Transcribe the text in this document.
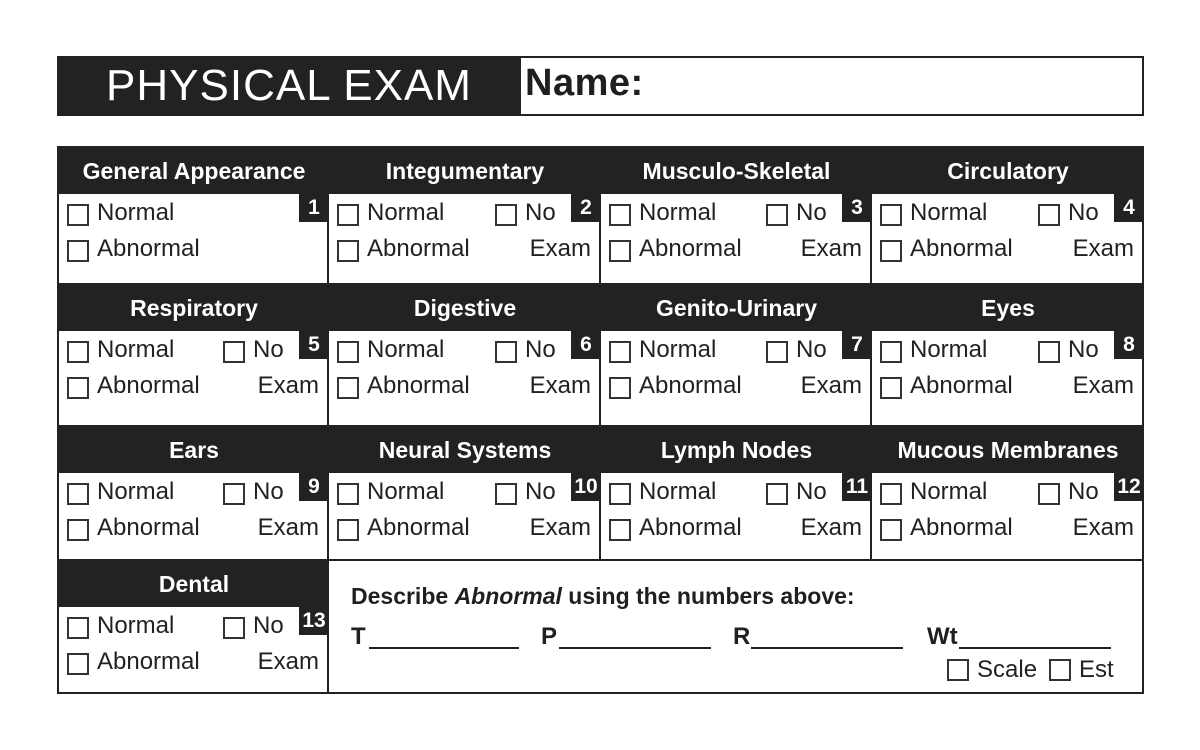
PHYSICAL EXAM	Name:
Describe Abnormal using the numbers above:
T	P	R	Wt
Scale Est
General Appearance
1
Normal
Abnormal
Integumentary
2
Normal
Abnormal
No
Exam
Musculo-Skeletal
3
Normal
Abnormal
No
Exam
Circulatory
4
Normal
Abnormal
No
Exam
Respiratory
5
Normal
Abnormal
No
Exam
Digestive
6
Normal
Abnormal
No
Exam
Genito-Urinary
7
Normal
Abnormal
No
Exam
Eyes
8
Normal
Abnormal
No
Exam
Ears
9
Normal
Abnormal
No
Exam
Neural Systems
10
Normal
Abnormal
No
Exam
Lymph Nodes
11
Normal
Abnormal
No
Exam
Mucous Membranes
12
Normal
Abnormal
No
Exam
Dental
13
Normal
Abnormal
No
Exam
